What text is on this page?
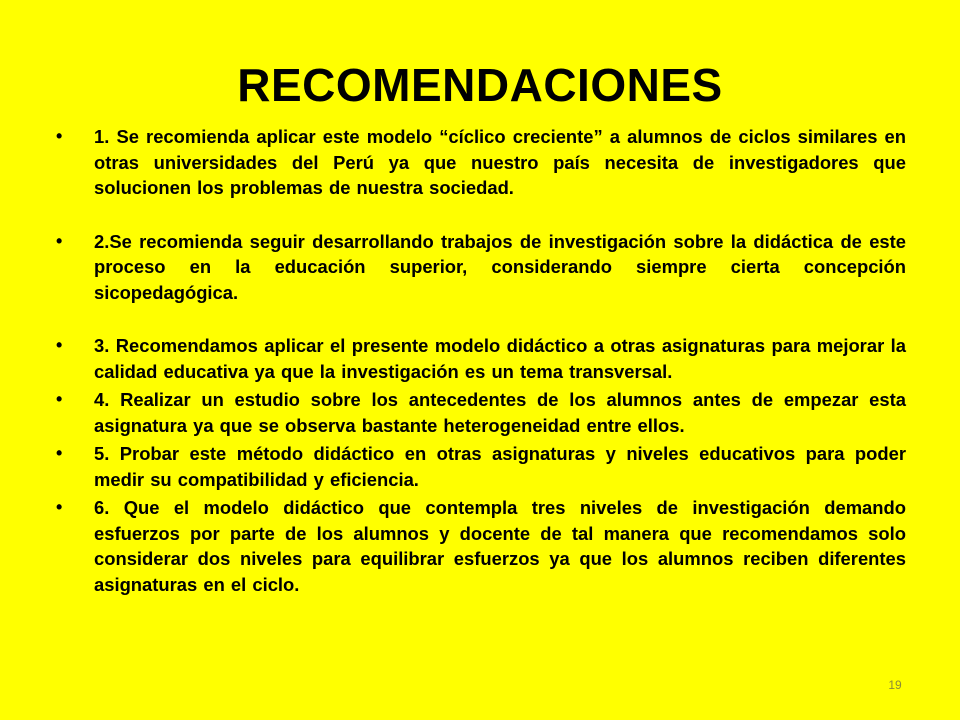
RECOMENDACIONES
• 1. Se recomienda aplicar este modelo “cíclico creciente” a alumnos de ciclos similares en otras universidades del Perú ya que nuestro país necesita de investigadores que solucionen los problemas de nuestra sociedad.
• 2.Se recomienda seguir desarrollando trabajos de investigación sobre la didáctica de este proceso en la educación superior, considerando siempre cierta concepción sicopedagógica.
• 3. Recomendamos aplicar el presente modelo didáctico a otras asignaturas para mejorar la calidad educativa ya que la investigación es un tema transversal.
• 4. Realizar un estudio sobre los antecedentes de los alumnos antes de empezar esta asignatura ya que se observa bastante heterogeneidad entre ellos.
• 5. Probar este método didáctico en otras asignaturas y niveles educativos para poder medir su compatibilidad y eficiencia.
• 6. Que el modelo didáctico que contempla tres niveles de investigación demando esfuerzos por parte de los alumnos y docente de tal manera que recomendamos solo considerar dos niveles para equilibrar esfuerzos ya que los alumnos reciben diferentes asignaturas en el ciclo.
19
